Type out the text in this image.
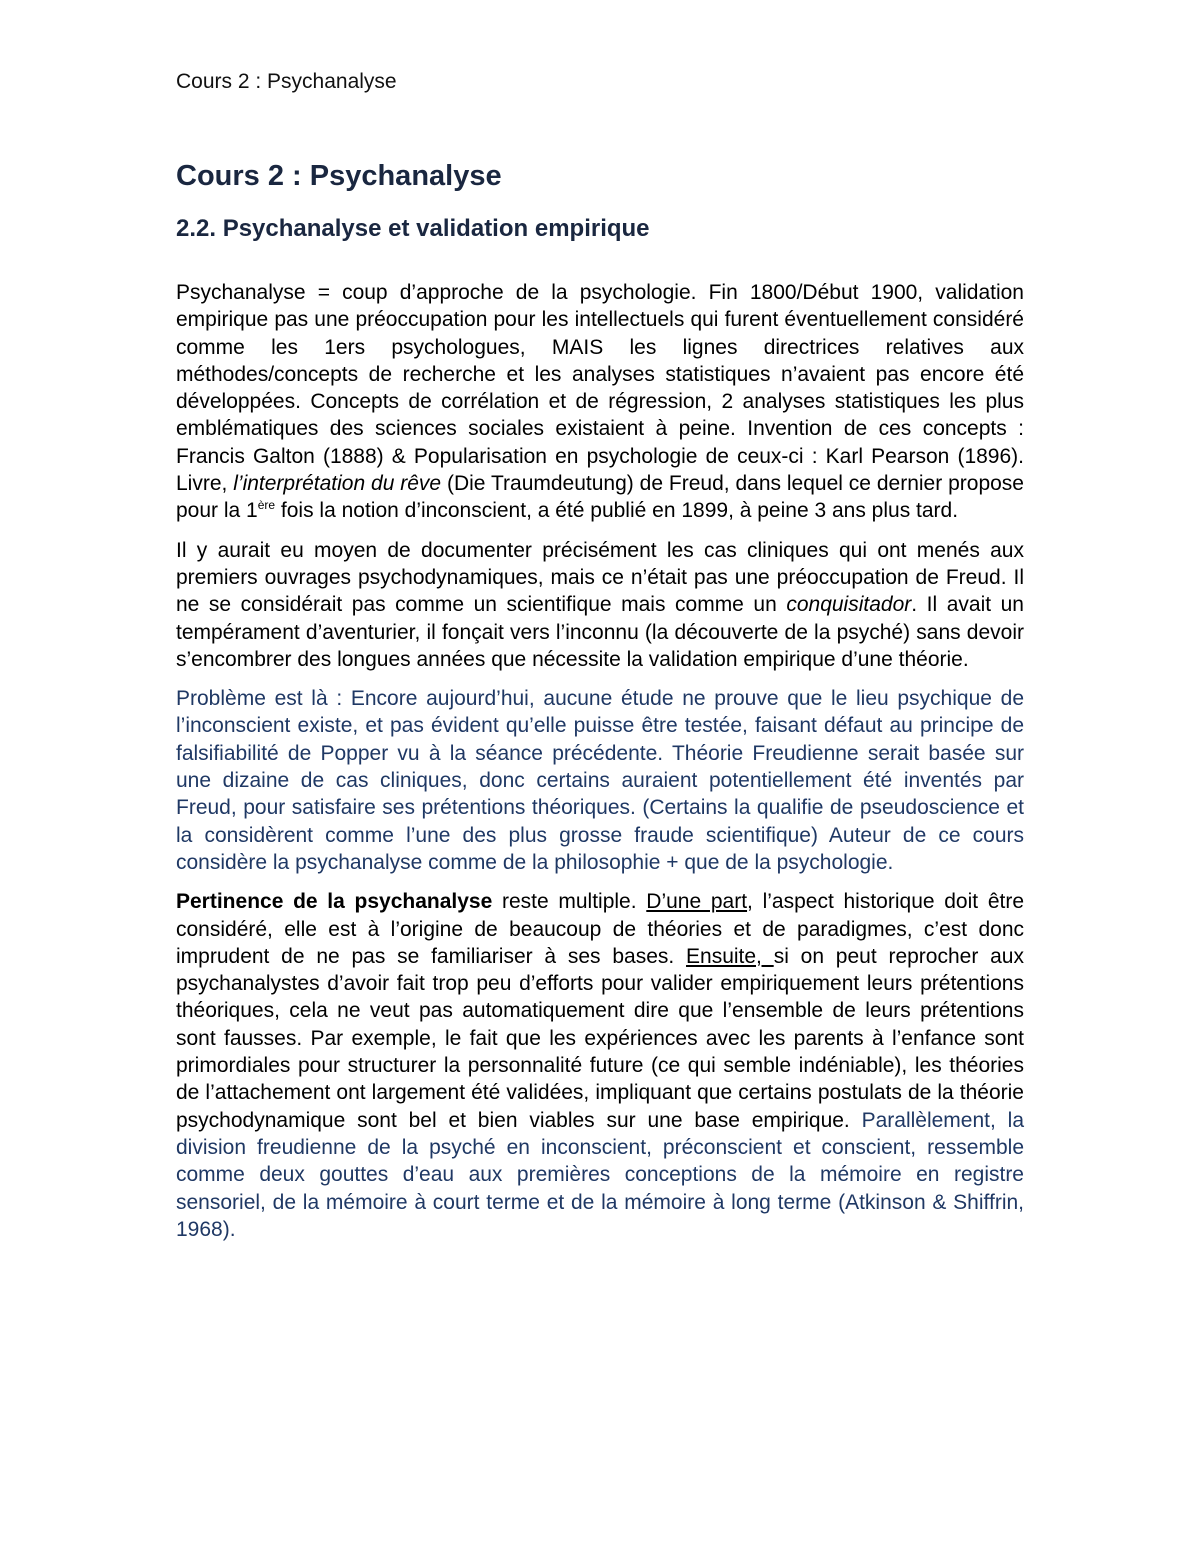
Cours 2 : Psychanalyse
Cours 2 : Psychanalyse
2.2. Psychanalyse et validation empirique

Psychanalyse = coup d’approche de la psychologie. Fin 1800/Début 1900, validation empirique pas une préoccupation pour les intellectuels qui furent éventuellement considéré comme les 1ers psychologues, MAIS les lignes directrices relatives aux méthodes/concepts de recherche et les analyses statistiques n’avaient pas encore été développées. Concepts de corrélation et de régression, 2 analyses statistiques les plus emblématiques des sciences sociales existaient à peine. Invention de ces concepts : Francis Galton (1888) & Popularisation en psychologie de ceux-ci : Karl Pearson (1896). Livre, l’interprétation du rêve (Die Traumdeutung) de Freud, dans lequel ce dernier propose pour la 1ère fois la notion d’inconscient, a été publié en 1899, à peine 3 ans plus tard.

Il y aurait eu moyen de documenter précisément les cas cliniques qui ont menés aux premiers ouvrages psychodynamiques, mais ce n’était pas une préoccupation de Freud. Il ne se considérait pas comme un scientifique mais comme un conquisitador. Il avait un tempérament d’aventurier, il fonçait vers l’inconnu (la découverte de la psyché) sans devoir s’encombrer des longues années que nécessite la validation empirique d’une théorie.

Problème est là : Encore aujourd’hui, aucune étude ne prouve que le lieu psychique de l’inconscient existe, et pas évident qu’elle puisse être testée, faisant défaut au principe de falsifiabilité de Popper vu à la séance précédente. Théorie Freudienne serait basée sur une dizaine de cas cliniques, donc certains auraient potentiellement été inventés par Freud, pour satisfaire ses prétentions théoriques. (Certains la qualifie de pseudoscience et la considèrent comme l’une des plus grosse fraude scientifique) Auteur de ce cours considère la psychanalyse comme de la philosophie + que de la psychologie.

Pertinence de la psychanalyse reste multiple. D’une part, l’aspect historique doit être considéré, elle est à l’origine de beaucoup de théories et de paradigmes, c’est donc imprudent de ne pas se familiariser à ses bases. Ensuite, si on peut reprocher aux psychanalystes d’avoir fait trop peu d’efforts pour valider empiriquement leurs prétentions théoriques, cela ne veut pas automatiquement dire que l’ensemble de leurs prétentions sont fausses. Par exemple, le fait que les expériences avec les parents à l’enfance sont primordiales pour structurer la personnalité future (ce qui semble indéniable), les théories de l’attachement ont largement été validées, impliquant que certains postulats de la théorie psychodynamique sont bel et bien viables sur une base empirique. Parallèlement, la division freudienne de la psyché en inconscient, préconscient et conscient, ressemble comme deux gouttes d’eau aux premières conceptions de la mémoire en registre sensoriel, de la mémoire à court terme et de la mémoire à long terme (Atkinson & Shiffrin, 1968).
